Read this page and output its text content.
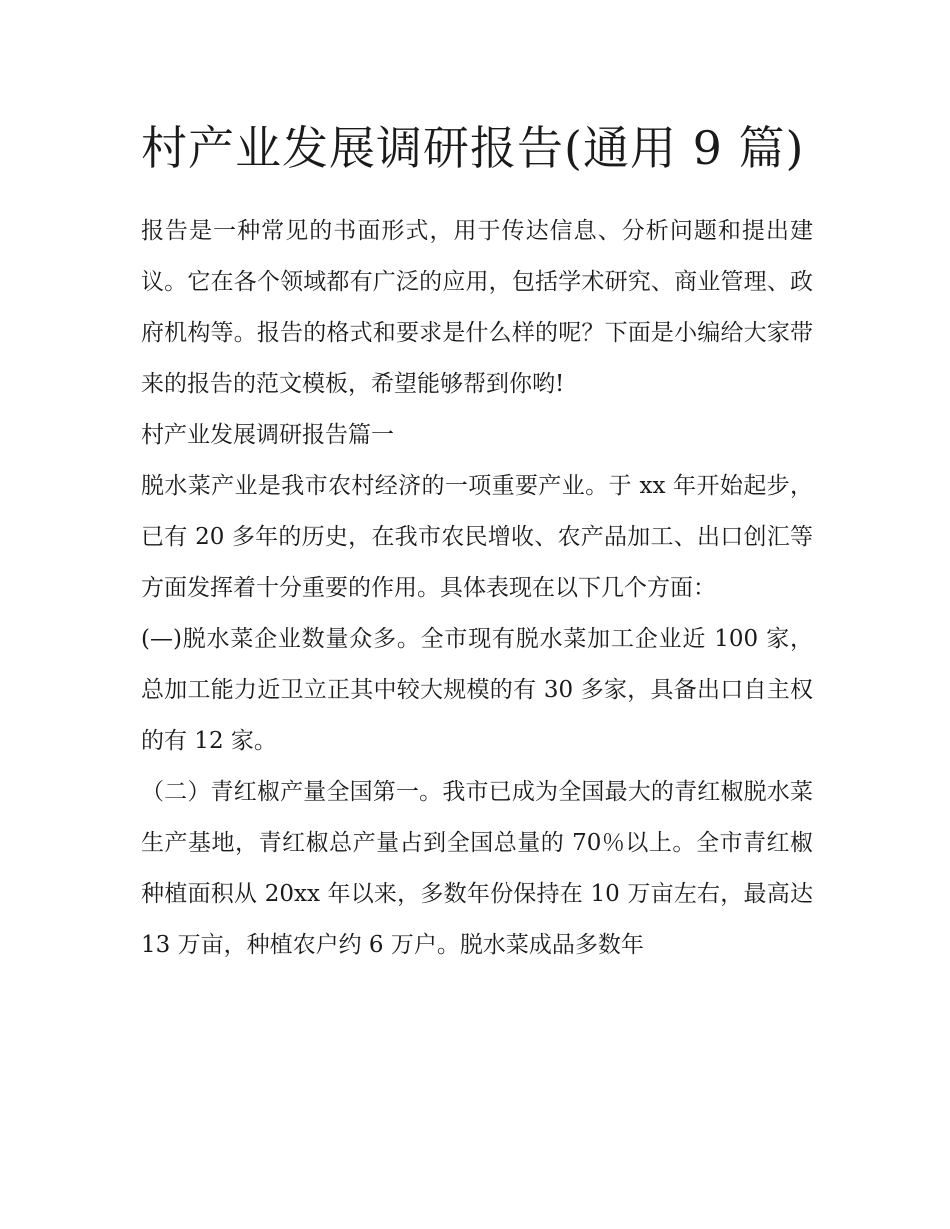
村产业发展调研报告(通用 9 篇)

报告是一种常见的书面形式，用于传达信息、分析问题和提出建议。它在各个领域都有广泛的应用，包括学术研究、商业管理、政府机构等。报告的格式和要求是什么样的呢？下面是小编给大家带来的报告的范文模板，希望能够帮到你哟!

村产业发展调研报告篇一

脱水菜产业是我市农村经济的一项重要产业。于 xx 年开始起步，已有 20 多年的历史，在我市农民增收、农产品加工、出口创汇等方面发挥着十分重要的作用。具体表现在以下几个方面：

(—)脱水菜企业数量众多。全市现有脱水菜加工企业近 100 家，总加工能力近卫立正其中较大规模的有 30 多家，具备出口自主权的有 12 家。

（二）青红椒产量全国第一。我市已成为全国最大的青红椒脱水菜生产基地，青红椒总产量占到全国总量的 70％以上。全市青红椒种植面积从 20xx 年以来，多数年份保持在 10 万亩左右，最高达 13 万亩，种植农户约 6 万户。脱水菜成品多数年
